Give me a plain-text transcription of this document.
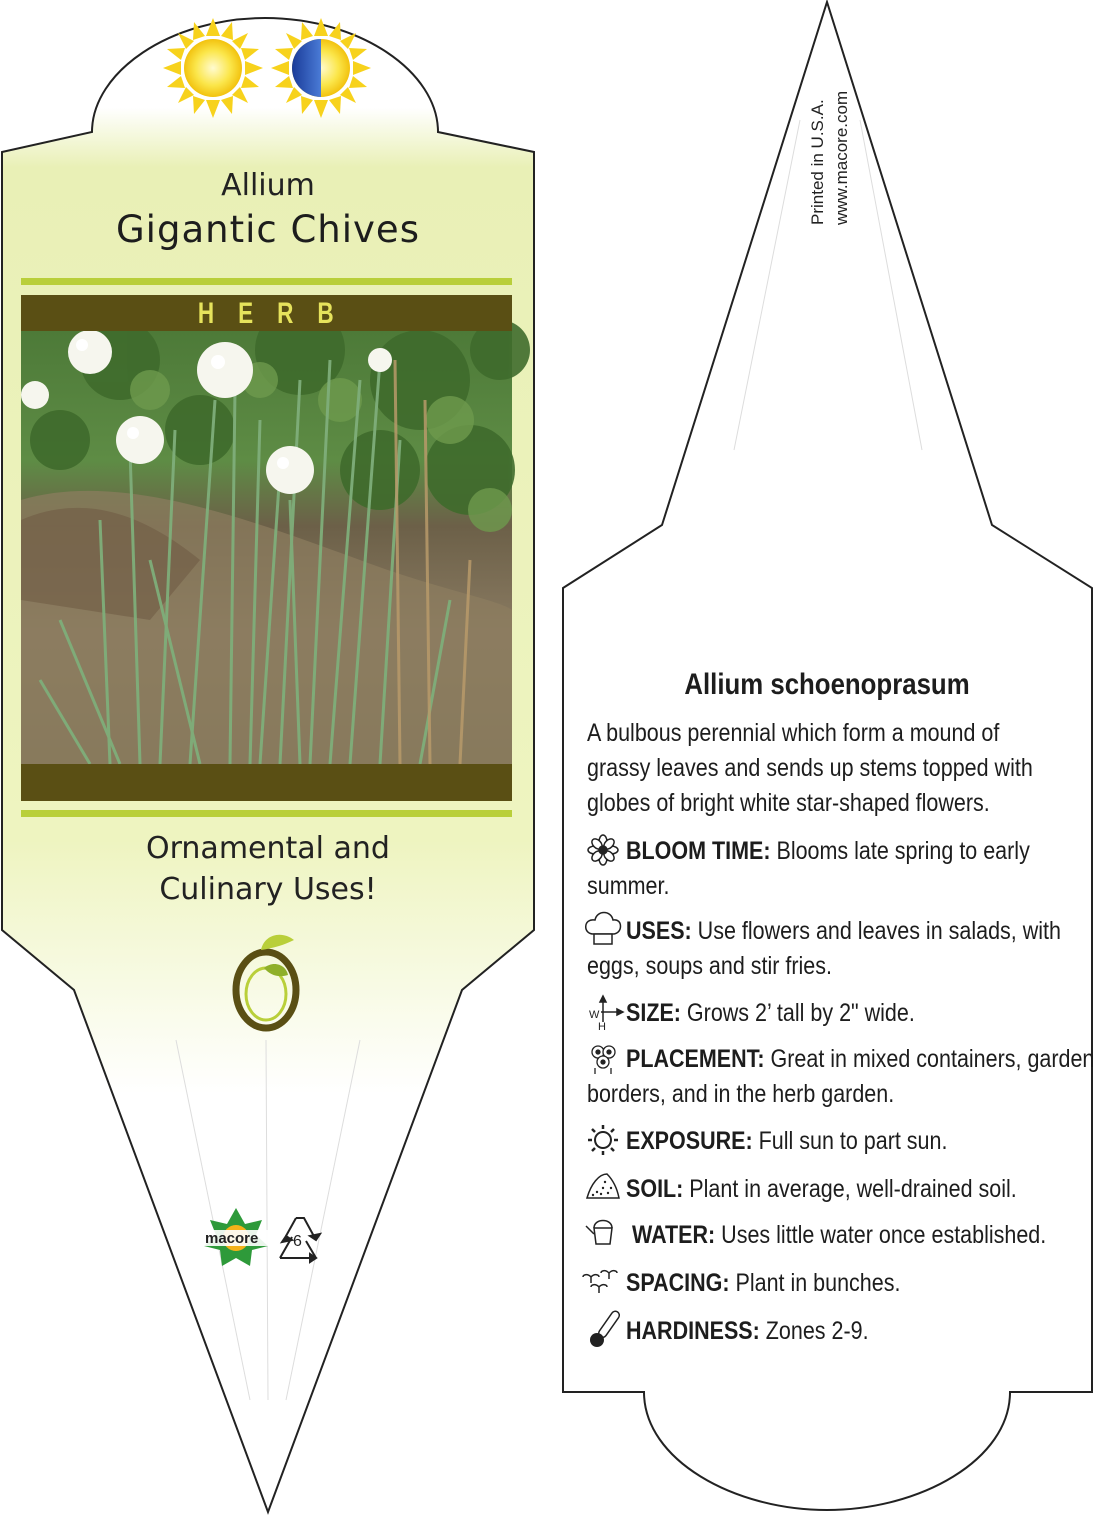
W
H
Allium
Gigantic Chives
HERB
Ornamental and
Culinary Uses!
macore 6
Printed in U.S.A. www.macore.com
Allium schoenoprasum
A bulbous perennial which form a mound of
grassy leaves and sends up stems topped with
globes of bright white star-shaped flowers.
BLOOM TIME: Blooms late spring to early
summer.
USES: Use flowers and leaves in salads, with
eggs, soups and stir fries.
SIZE: Grows 2’ tall by 2" wide.
PLACEMENT: Great in mixed containers, garden
borders, and in the herb garden.
EXPOSURE: Full sun to part sun.
SOIL: Plant in average, well-drained soil.
WATER: Uses little water once established.
SPACING: Plant in bunches.
HARDINESS: Zones 2-9.
